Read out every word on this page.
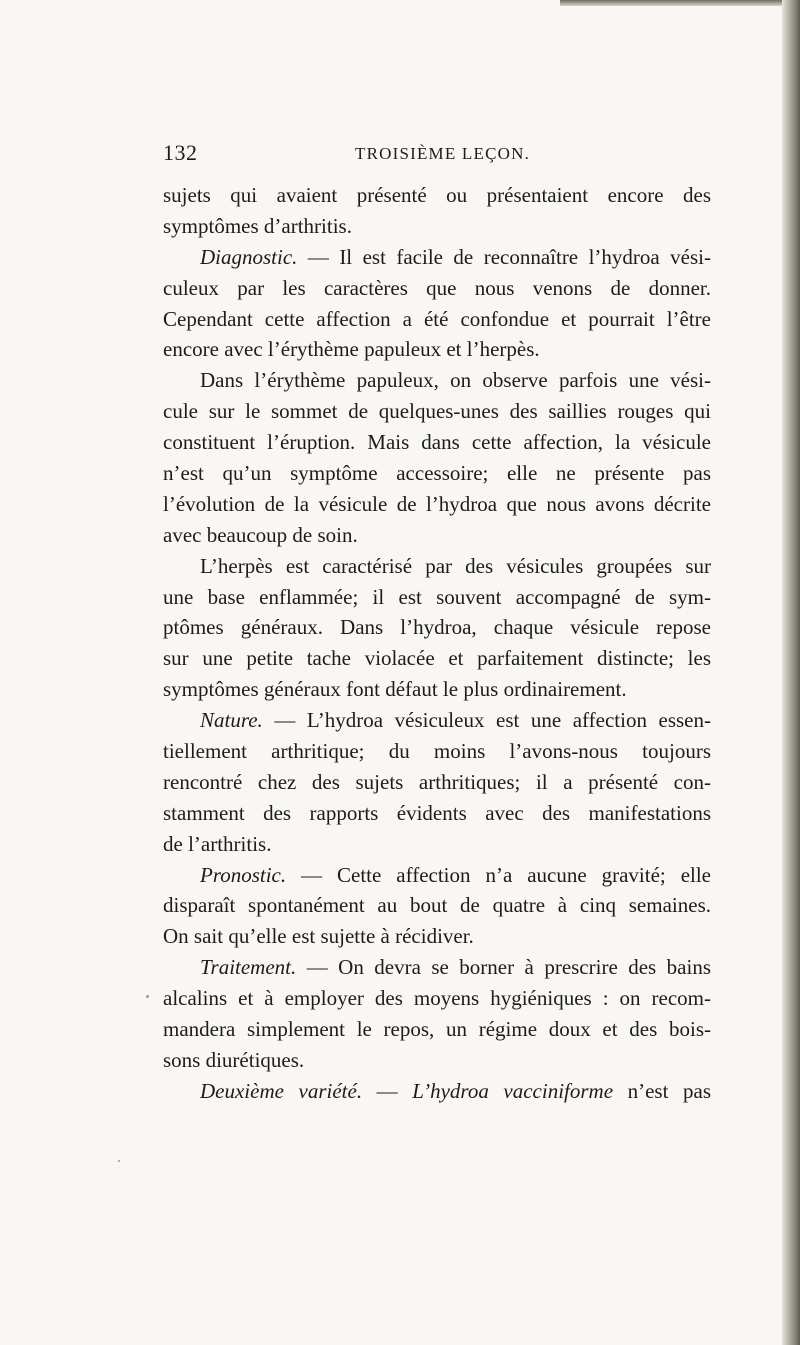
132	TROISIÈME LEÇON.
sujets qui avaient présenté ou présentaient encore des
symptômes d’arthritis.
Diagnostic. — Il est facile de reconnaître l’hydroa vési-
culeux par les caractères que nous venons de donner.
Cependant cette affection a été confondue et pourrait l’être
encore avec l’érythème papuleux et l’herpès.
Dans l’érythème papuleux, on observe parfois une vési-
cule sur le sommet de quelques-unes des saillies rouges qui
constituent l’éruption. Mais dans cette affection, la vésicule
n’est qu’un symptôme accessoire; elle ne présente pas
l’évolution de la vésicule de l’hydroa que nous avons décrite
avec beaucoup de soin.
L’herpès est caractérisé par des vésicules groupées sur
une base enflammée; il est souvent accompagné de sym-
ptômes généraux. Dans l’hydroa, chaque vésicule repose
sur une petite tache violacée et parfaitement distincte; les
symptômes généraux font défaut le plus ordinairement.
Nature. — L’hydroa vésiculeux est une affection essen-
tiellement arthritique; du moins l’avons-nous toujours
rencontré chez des sujets arthritiques; il a présenté con-
stamment des rapports évidents avec des manifestations
de l’arthritis.
Pronostic. — Cette affection n’a aucune gravité; elle
disparaît spontanément au bout de quatre à cinq semaines.
On sait qu’elle est sujette à récidiver.
Traitement. — On devra se borner à prescrire des bains
alcalins et à employer des moyens hygiéniques : on recom-
mandera simplement le repos, un régime doux et des bois-
sons diurétiques.
Deuxième variété. — L’hydroa vacciniforme n’est pas
